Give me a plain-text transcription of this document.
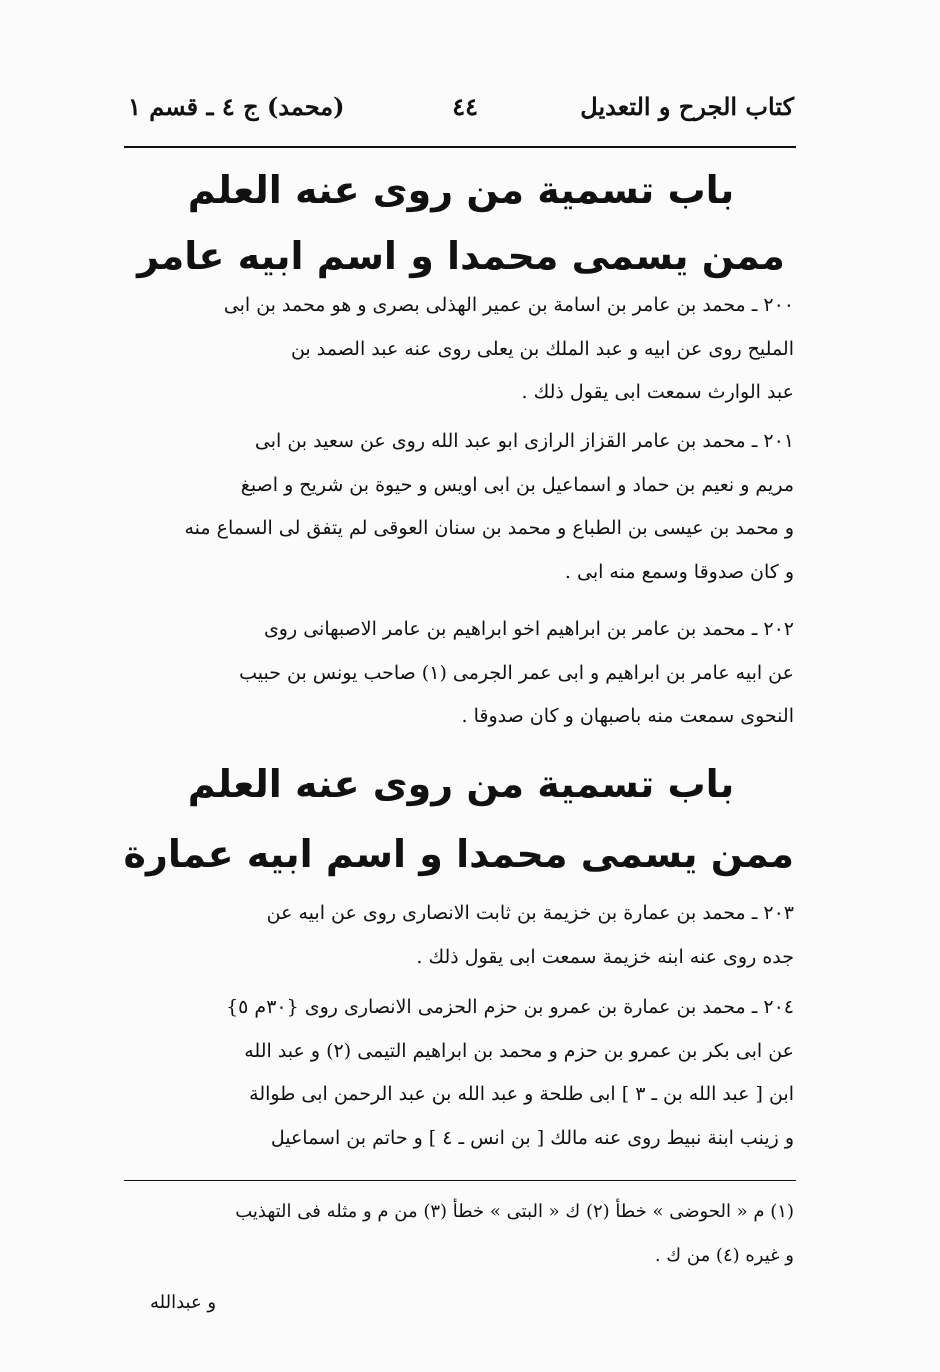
كتاب الجرح و التعديل
٤٤
(محمد) ج ٤ ـ قسم ١
باب تسمية من روى عنه العلم
ممن يسمى محمدا و اسم ابيه عامر
٢٠٠ ـ محمد بن عامر بن اسامة بن عمير الهذلى بصرى و هو محمد بن ابى
المليح روى عن ابيه و عبد الملك بن يعلى روى عنه عبد الصمد بن
عبد الوارث سمعت ابى يقول ذلك .
٢٠١ ـ محمد بن عامر القزاز الرازى ابو عبد الله روى عن سعيد بن ابى
مريم و نعيم بن حماد و اسماعيل بن ابى اويس و حيوة بن شريح و اصبغ
و محمد بن عيسى بن الطباع و محمد بن سنان العوقى لم يتفق لى السماع منه
و كان صدوقا وسمع منه ابى .
٢٠٢ ـ محمد بن عامر بن ابراهيم اخو ابراهيم بن عامر الاصبهانى روى
عن ابيه عامر بن ابراهيم و ابى عمر الجرمى (١) صاحب يونس بن حبيب
النحوى سمعت منه باصبهان و كان صدوقا .
باب تسمية من روى عنه العلم
ممن يسمى محمدا و اسم ابيه عمارة
٢٠٣ ـ محمد بن عمارة بن خزيمة بن ثابت الانصارى روى عن ابيه عن
جده روى عنه ابنه خزيمة سمعت ابى يقول ذلك .
٢٠٤ ـ محمد بن عمارة بن عمرو بن حزم الحزمى الانصارى روى {٣٠م ٥}
عن ابى بكر بن عمرو بن حزم و محمد بن ابراهيم التيمى (٢) و عبد الله
ابن [ عبد الله بن ـ ٣ ] ابى طلحة و عبد الله بن عبد الرحمن ابى طوالة
و زينب ابنة نبيط روى عنه مالك [ بن انس ـ ٤ ] و حاتم بن اسماعيل
(١) م « الحوضى » خطأ (٢) ك « البتى » خطأ (٣) من م و مثله فى التهذيب
و غيره (٤) من ك .
و عبدالله
